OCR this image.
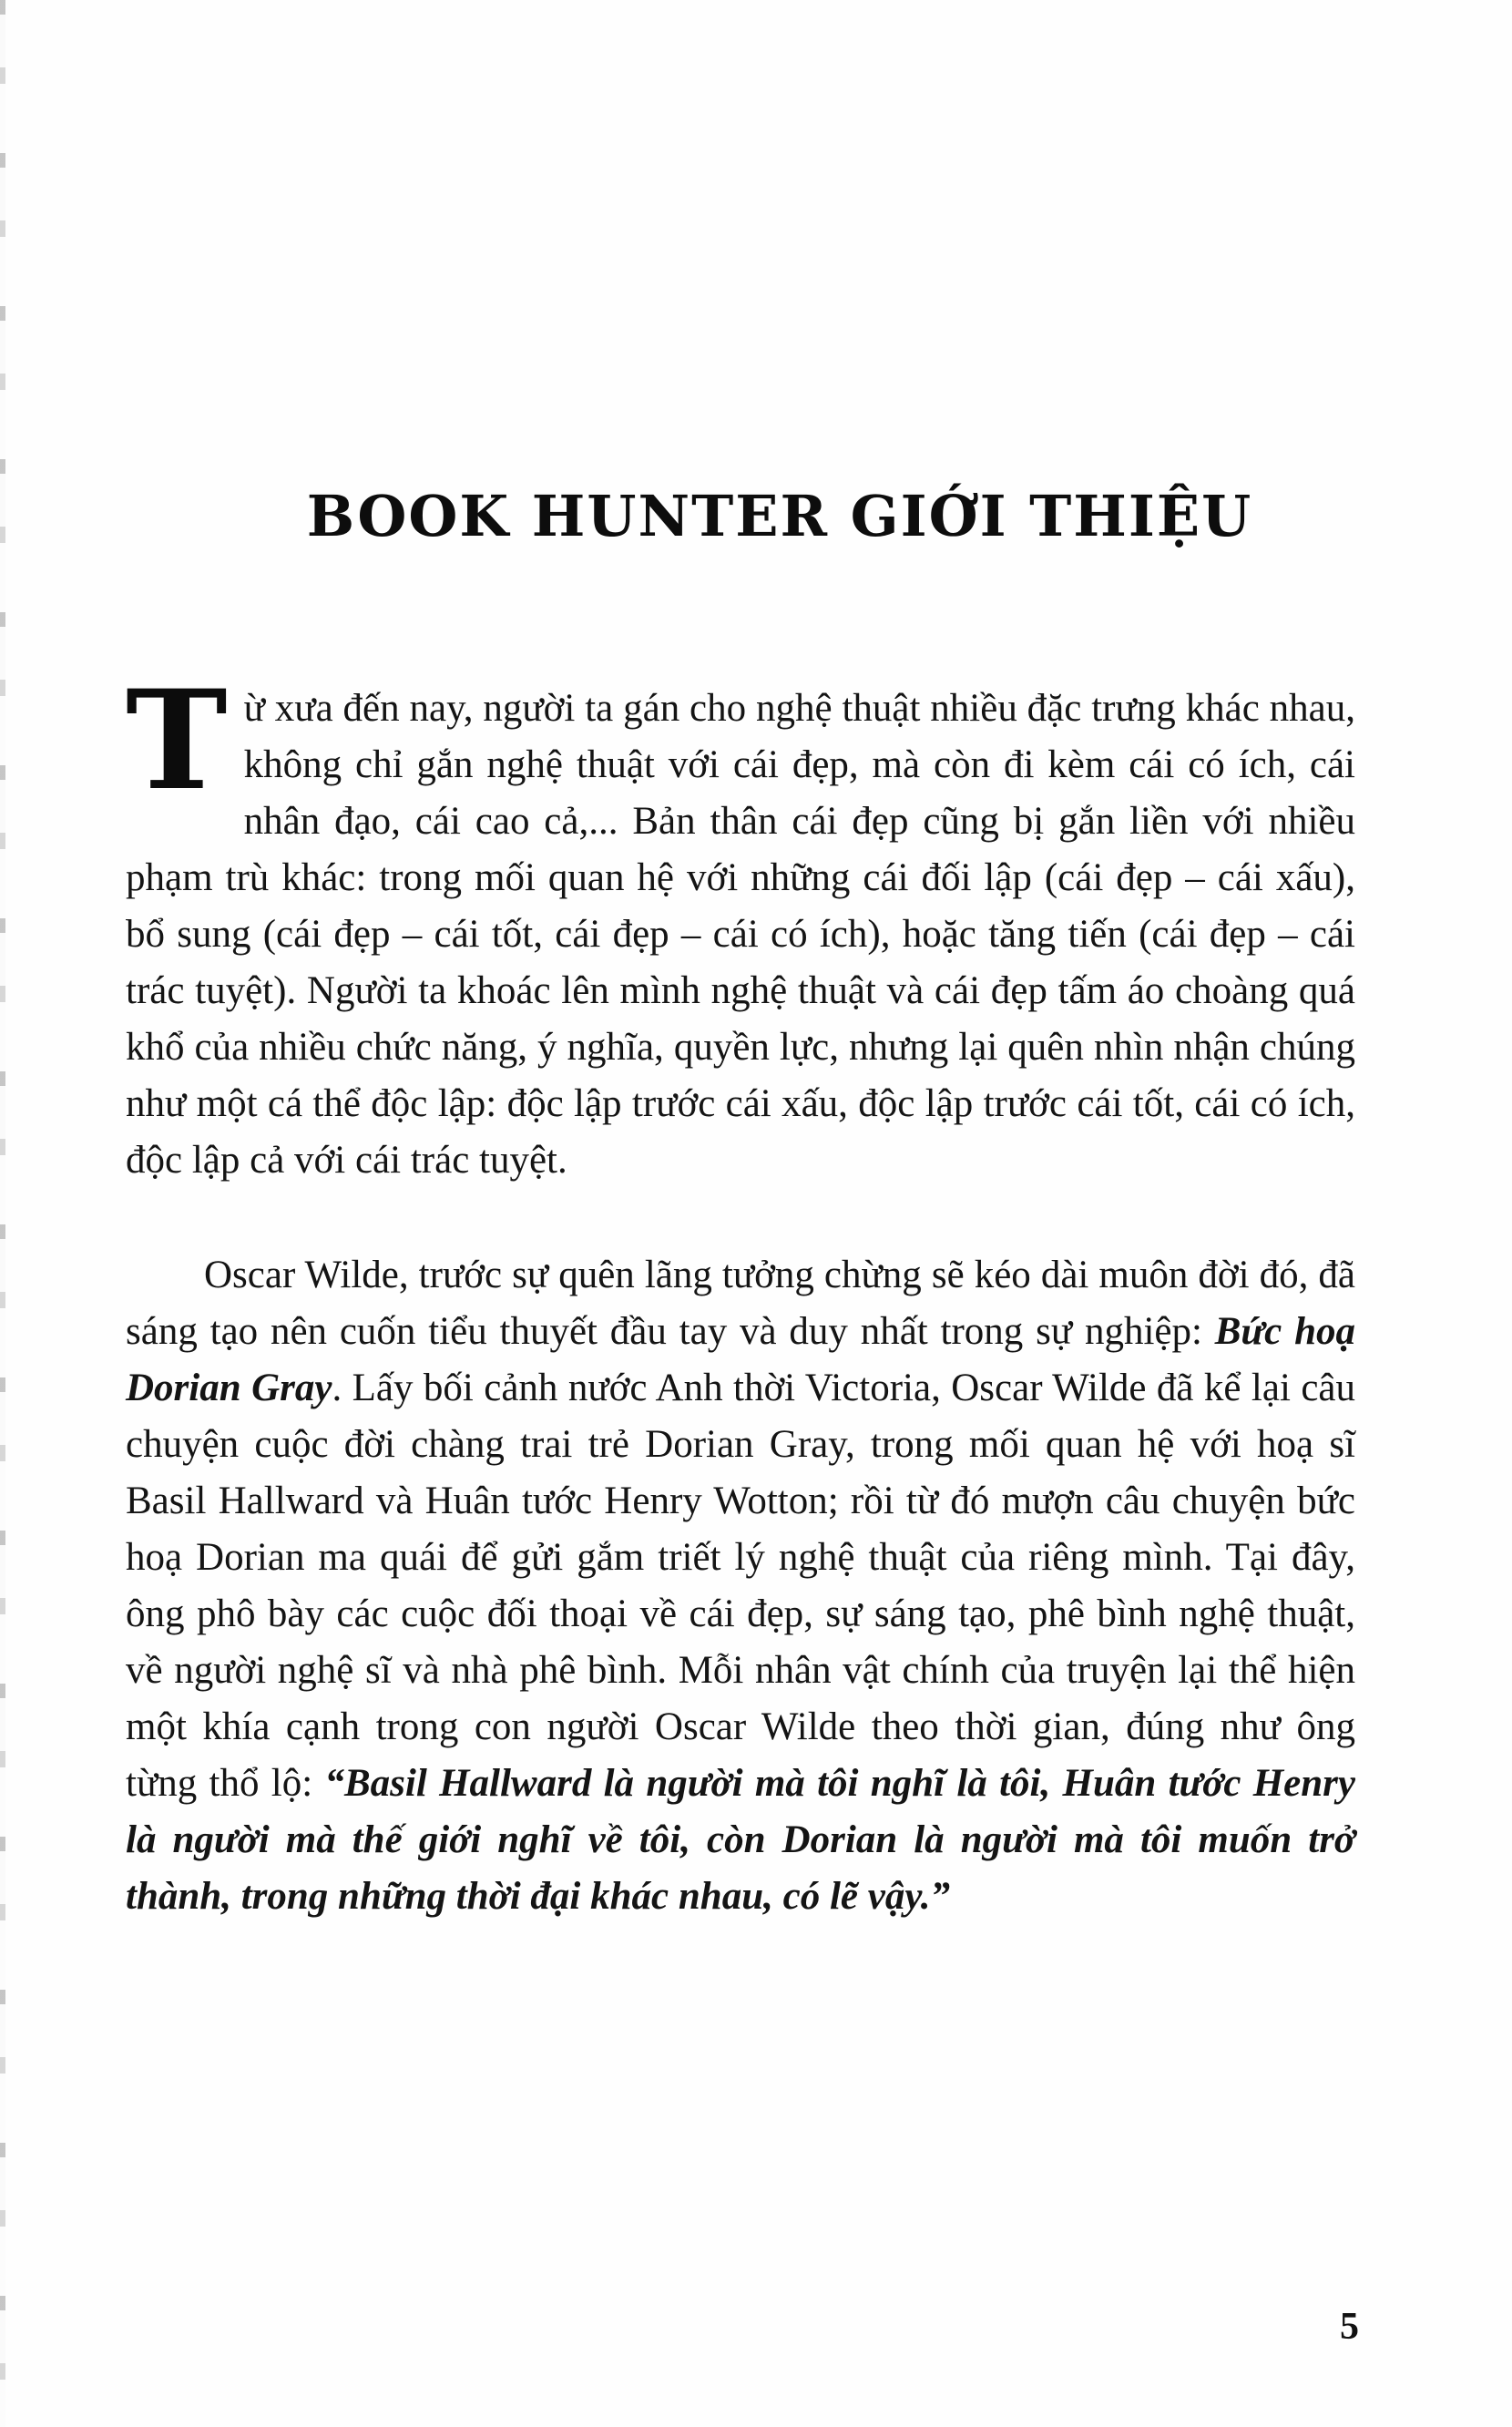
BOOK HUNTER GIỚI THIỆU

Từ xưa đến nay, người ta gán cho nghệ thuật nhiều đặc trưng khác nhau, không chỉ gắn nghệ thuật với cái đẹp, mà còn đi kèm cái có ích, cái nhân đạo, cái cao cả,... Bản thân cái đẹp cũng bị gắn liền với nhiều phạm trù khác: trong mối quan hệ với những cái đối lập (cái đẹp – cái xấu), bổ sung (cái đẹp – cái tốt, cái đẹp – cái có ích), hoặc tăng tiến (cái đẹp – cái trác tuyệt). Người ta khoác lên mình nghệ thuật và cái đẹp tấm áo choàng quá khổ của nhiều chức năng, ý nghĩa, quyền lực, nhưng lại quên nhìn nhận chúng như một cá thể độc lập: độc lập trước cái xấu, độc lập trước cái tốt, cái có ích, độc lập cả với cái trác tuyệt.

Oscar Wilde, trước sự quên lãng tưởng chừng sẽ kéo dài muôn đời đó, đã sáng tạo nên cuốn tiểu thuyết đầu tay và duy nhất trong sự nghiệp: Bức hoạ Dorian Gray. Lấy bối cảnh nước Anh thời Victoria, Oscar Wilde đã kể lại câu chuyện cuộc đời chàng trai trẻ Dorian Gray, trong mối quan hệ với hoạ sĩ Basil Hallward và Huân tước Henry Wotton; rồi từ đó mượn câu chuyện bức hoạ Dorian ma quái để gửi gắm triết lý nghệ thuật của riêng mình. Tại đây, ông phô bày các cuộc đối thoại về cái đẹp, sự sáng tạo, phê bình nghệ thuật, về người nghệ sĩ và nhà phê bình. Mỗi nhân vật chính của truyện lại thể hiện một khía cạnh trong con người Oscar Wilde theo thời gian, đúng như ông từng thổ lộ: “Basil Hallward là người mà tôi nghĩ là tôi, Huân tước Henry là người mà thế giới nghĩ về tôi, còn Dorian là người mà tôi muốn trở thành, trong những thời đại khác nhau, có lẽ vậy.”

5
